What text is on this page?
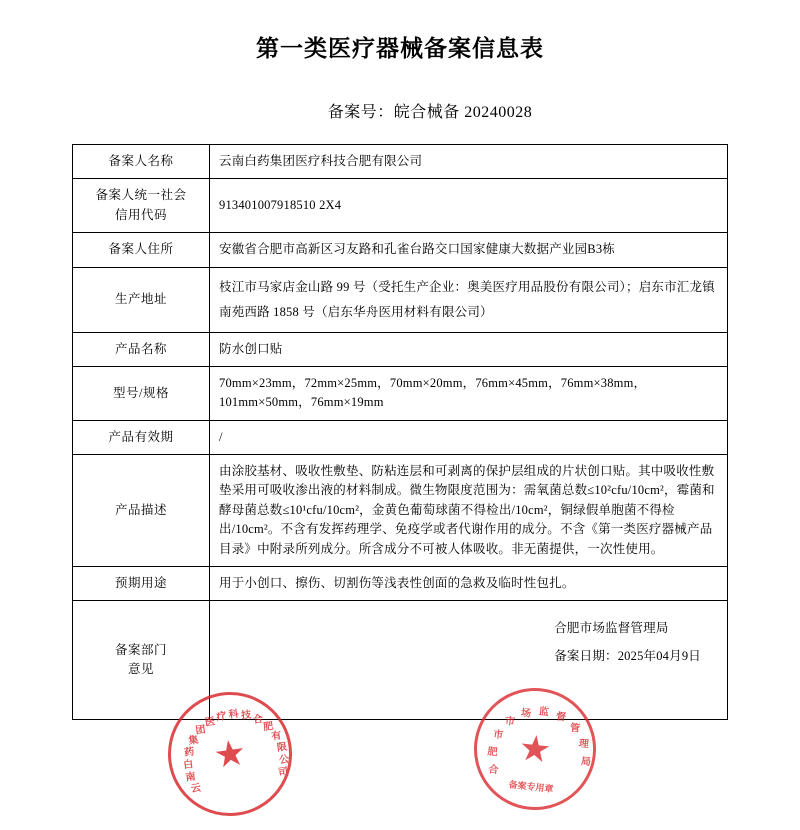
第一类医疗器械备案信息表
备案号：皖合械备 20240028
备案人名称	云南白药集团医疗科技合肥有限公司

备案人统一社会
信用代码	913401007918510 2X4
备案人住所	安徽省合肥市高新区习友路和孔雀台路交口国家健康大数据产业园B3栋
生产地址	枝江市马家店金山路 99 号（受托生产企业：奥美医疗用品股份有限公司）；启东市汇龙镇南苑西路 1858 号（启东华舟医用材料有限公司）
产品名称	防水创口贴
型号/规格	70mm×23mm，72mm×25mm，70mm×20mm，76mm×45mm，76mm×38mm，101mm×50mm，76mm×19mm
产品有效期	/
产品描述	由涂胶基材、吸收性敷垫、防粘连层和可剥离的保护层组成的片状创口贴。其中吸收性敷垫采用可吸收渗出液的材料制成。微生物限度范围为：需氧菌总数≤10²cfu/10cm²，霉菌和酵母菌总数≤10¹cfu/10cm²，金黄色葡萄球菌不得检出/10cm²，铜绿假单胞菌不得检出/10cm²。不含有发挥药理学、免疫学或者代谢作用的成分。不含《第一类医疗器械产品目录》中附录所列成分。所含成分不可被人体吸收。非无菌提供，一次性使用。
预期用途	用于小创口、擦伤、切割伤等浅表性创面的急救及临时性包扎。

备案部门
意见

合肥市场监督管理局
备案日期：2025年04月9日
云
南
白
药
集
团
医 疗 科 技 合
肥
有
限
公
司
★	合
肥
市
市
场 监 督
管
理
局
★
备案专用章
